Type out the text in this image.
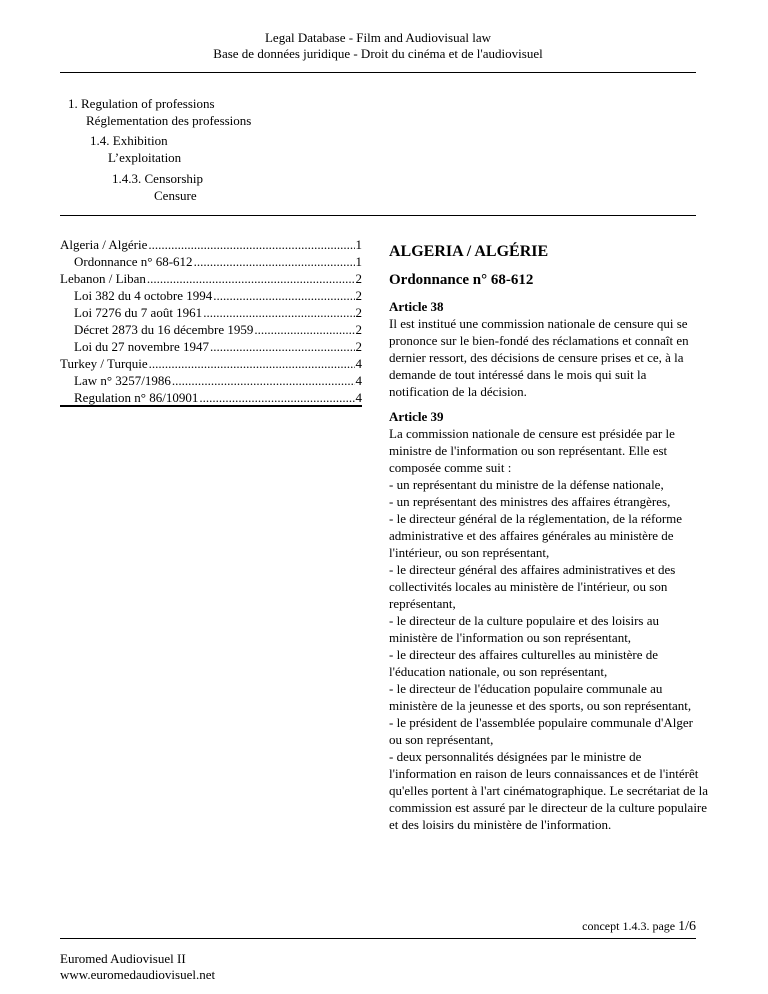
Legal Database - Film and Audiovisual law
Base de données juridique - Droit du cinéma et de l'audiovisuel
1. Regulation of professions
Réglementation des professions
1.4. Exhibition
L’exploitation
1.4.3. Censorship
Censure
Algeria / Algérie .....	1
Ordonnance n° 68-612 .....	1
Lebanon / Liban .....	2
Loi 382 du 4 octobre 1994 .....	2
Loi 7276 du 7 août 1961 .....	2
Décret 2873 du 16 décembre 1959 .....	2
Loi du 27 novembre 1947 .....	2
Turkey / Turquie .....	4
Law n° 3257/1986 .....	4
Regulation n° 86/10901 .....	4
ALGERIA / ALGÉRIE
Ordonnance n° 68-612
Article 38

Il est institué une commission nationale de censure qui se prononce sur le bien-fondé des réclamations et connaît en dernier ressort, des décisions de censure prises et ce, à la demande de tout intéressé dans le mois qui suit la notification de la décision.

Article 39

La commission nationale de censure est présidée par le ministre de l'information ou son représentant. Elle est composée comme suit :

- un représentant du ministre de la défense nationale,

- un représentant des ministres des affaires étrangères,

- le directeur général de la réglementation, de la réforme administrative et des affaires générales au ministère de l'intérieur, ou son représentant,

- le directeur général des affaires administratives et des collectivités locales au ministère de l'intérieur, ou son représentant,

- le directeur de la culture populaire et des loisirs au ministère de l'information ou son représentant,

- le directeur des affaires culturelles au ministère de l'éducation nationale, ou son représentant,

- le directeur de l'éducation populaire communale au ministère de la jeunesse et des sports, ou son représentant,

- le président de l'assemblée populaire communale d'Alger ou son représentant,

- deux personnalités désignées par le ministre de l'information en raison de leurs connaissances et de l'intérêt qu'elles portent à l'art cinématographique. Le secrétariat de la commission est assuré par le directeur de la culture populaire et des loisirs du ministère de l'information.

concept 1.4.3. page 1/6
Euromed Audiovisuel II
www.euromedaudiovisuel.net
